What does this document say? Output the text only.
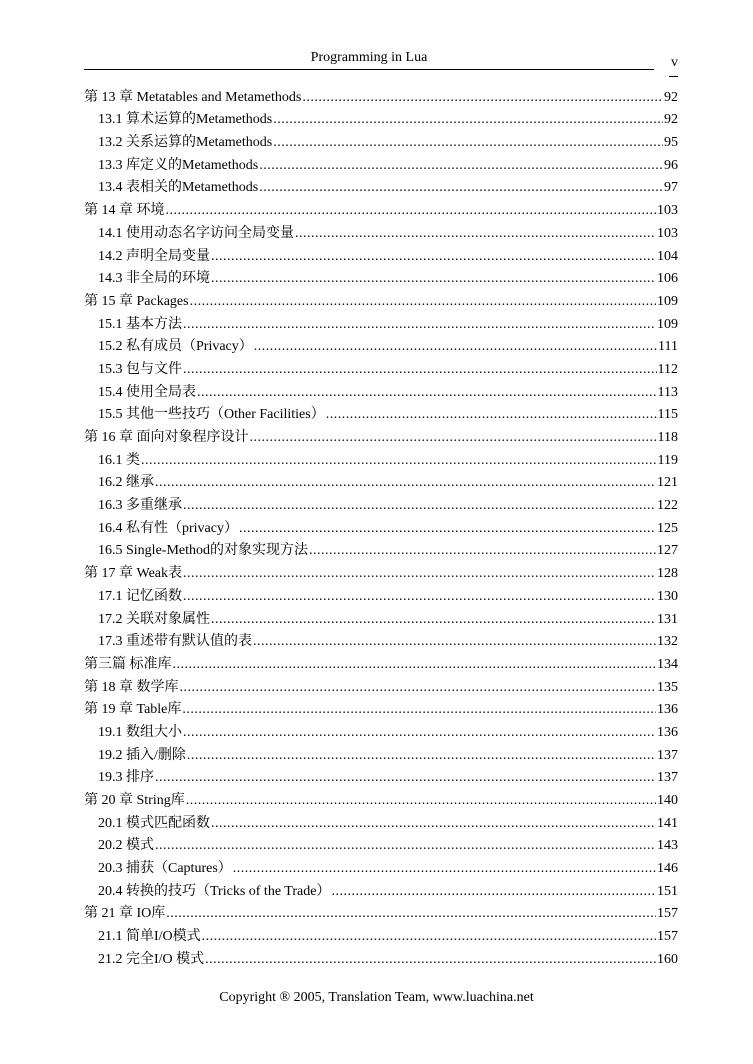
Programming in Lua	v
第 13 章 Metatables and Metamethods .....	92
13.1 算术运算的Metamethods .....	92
13.2 关系运算的Metamethods .....	95
13.3 库定义的Metamethods .....	96
13.4 表相关的Metamethods .....	97
第 14 章 环境 .....	103
14.1 使用动态名字访问全局变量 .....	103
14.2 声明全局变量 .....	104
14.3 非全局的环境 .....	106
第 15 章 Packages .....	109
15.1 基本方法 .....	109
15.2 私有成员（Privacy） .....	111
15.3 包与文件 .....	112
15.4 使用全局表 .....	113
15.5 其他一些技巧（Other Facilities） .....	115
第 16 章 面向对象程序设计 .....	118
16.1 类 .....	119
16.2 继承 .....	121
16.3 多重继承 .....	122
16.4 私有性（privacy） .....	125
16.5 Single-Method的对象实现方法 .....	127
第 17 章 Weak表 .....	128
17.1 记忆函数 .....	130
17.2 关联对象属性 .....	131
17.3 重述带有默认值的表 .....	132
第三篇 标准库 .....	134
第 18 章 数学库 .....	135
第 19 章 Table库 .....	136
19.1 数组大小 .....	136
19.2 插入/删除 .....	137
19.3 排序 .....	137
第 20 章 String库 .....	140
20.1 模式匹配函数 .....	141
20.2 模式 .....	143
20.3 捕获（Captures） .....	146
20.4 转换的技巧（Tricks of the Trade） .....	151
第 21 章 IO库 .....	157
21.1 简单I/O模式 .....	157
21.2 完全I/O 模式 .....	160
Copyright ® 2005, Translation Team, www.luachina.net
